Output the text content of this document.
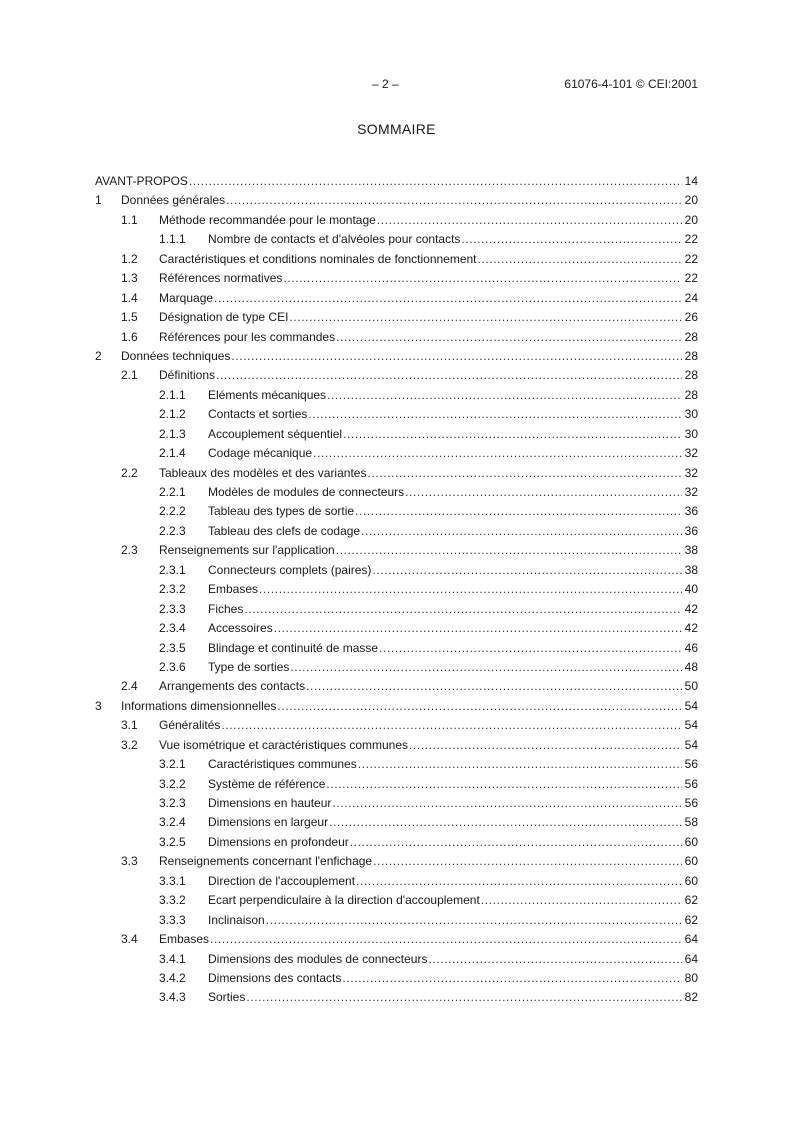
– 2 –	61076-4-101 © CEI:2001
SOMMAIRE
AVANT-PROPOS .....	14
1	Données générales .....	20
1.1	Méthode recommandée pour le montage .....	20
1.1.1	Nombre de contacts et d'alvéoles pour contacts .....	22
1.2	Caractéristiques et conditions nominales de fonctionnement .....	22
1.3	Références normatives .....	22
1.4	Marquage .....	24
1.5	Désignation de type CEI .....	26
1.6	Références pour les commandes .....	28
2	Données techniques .....	28
2.1	Définitions .....	28
2.1.1	Eléments mécaniques .....	28
2.1.2	Contacts et sorties .....	30
2.1.3	Accouplement séquentiel .....	30
2.1.4	Codage mécanique .....	32
2.2	Tableaux des modèles et des variantes .....	32
2.2.1	Modèles de modules de connecteurs .....	32
2.2.2	Tableau des types de sortie .....	36
2.2.3	Tableau des clefs de codage .....	36
2.3	Renseignements sur l'application .....	38
2.3.1	Connecteurs complets (paires) .....	38
2.3.2	Embases .....	40
2.3.3	Fiches .....	42
2.3.4	Accessoires .....	42
2.3.5	Blindage et continuité de masse .....	46
2.3.6	Type de sorties .....	48
2.4	Arrangements des contacts .....	50
3	Informations dimensionnelles .....	54
3.1	Généralités .....	54
3.2	Vue isométrique et caractéristiques communes .....	54
3.2.1	Caractéristiques communes .....	56
3.2.2	Système de référence .....	56
3.2.3	Dimensions en hauteur .....	56
3.2.4	Dimensions en largeur .....	58
3.2.5	Dimensions en profondeur .....	60
3.3	Renseignements concernant l'enfichage .....	60
3.3.1	Direction de l'accouplement .....	60
3.3.2	Ecart perpendiculaire à la direction d'accouplement .....	62
3.3.3	Inclinaison .....	62
3.4	Embases .....	64
3.4.1	Dimensions des modules de connecteurs .....	64
3.4.2	Dimensions des contacts .....	80
3.4.3	Sorties .....	82
